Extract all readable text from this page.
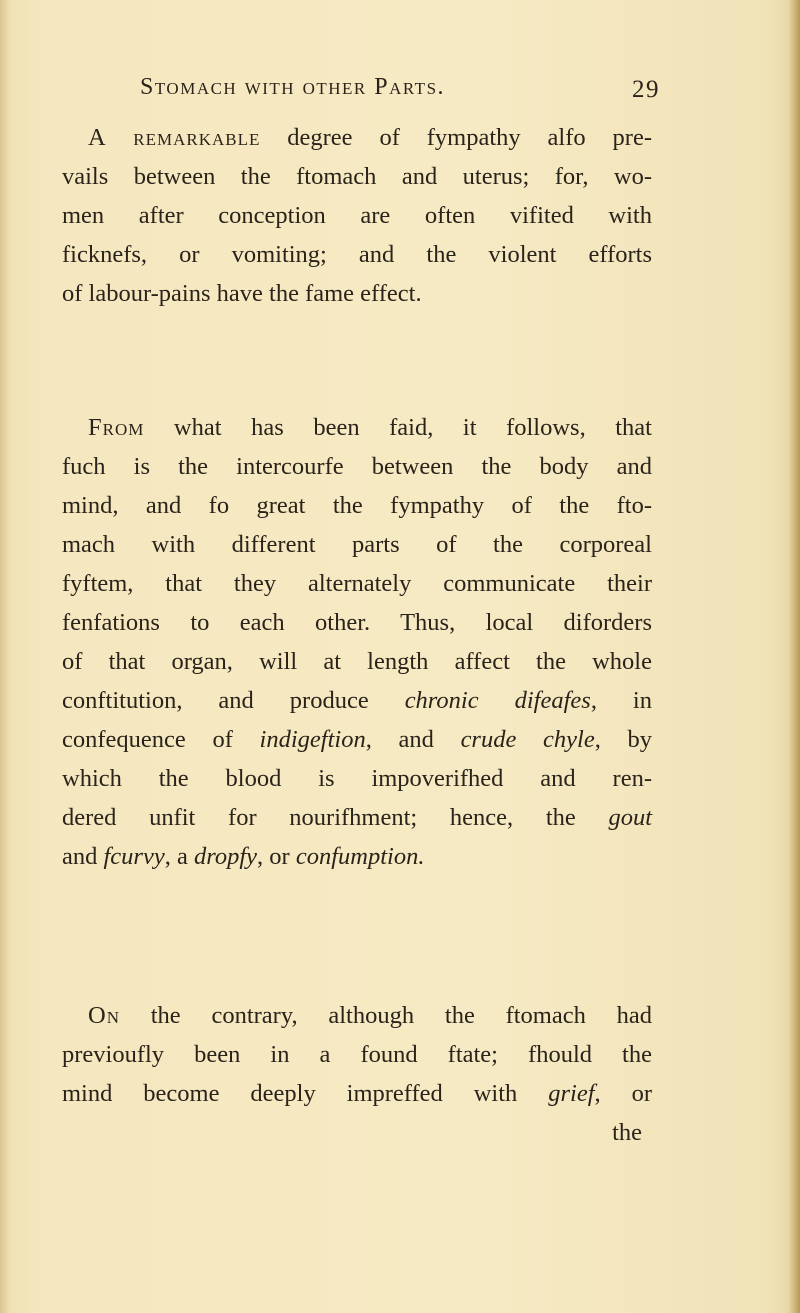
Stomach with other Parts.	29
A remarkable degree of fympathy alfo pre-
vails between the ftomach and uterus; for, wo-
men after conception are often vifited with
ficknefs, or vomiting; and the violent efforts
of labour-pains have the fame effect.
From what has been faid, it follows, that
fuch is the intercourfe between the body and
mind, and fo great the fympathy of the fto-
mach with different parts of the corporeal
fyftem, that they alternately communicate their
fenfations to each other. Thus, local diforders
of that organ, will at length affect the whole
conftitution, and produce chronic difeafes, in
confequence of indigeftion, and crude chyle, by
which the blood is impoverifhed and ren-
dered unfit for nourifhment; hence, the gout
and fcurvy, a dropfy, or confumption.
On the contrary, although the ftomach had
previoufly been in a found ftate; fhould the
mind become deeply impreffed with grief, or
the
